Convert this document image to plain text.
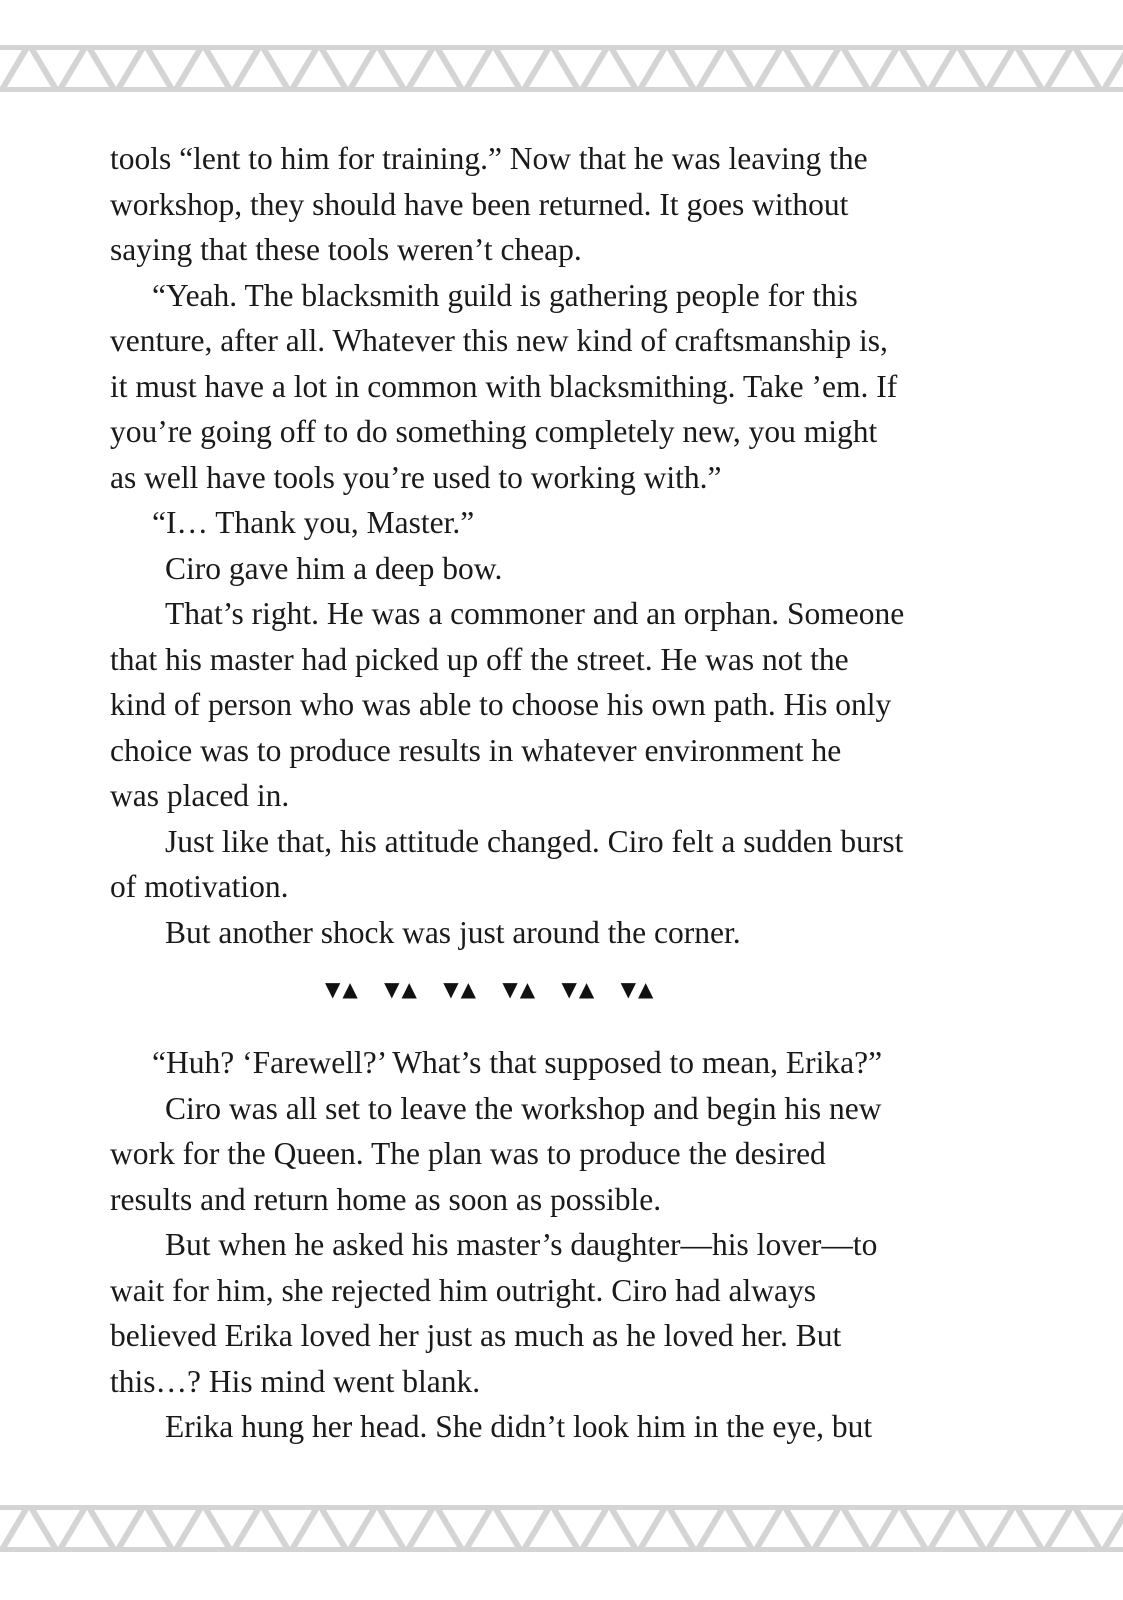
tools “lent to him for training.” Now that he was leaving the
workshop, they should have been returned. It goes without
saying that these tools weren’t cheap.
“Yeah. The blacksmith guild is gathering people for this
venture, after all. Whatever this new kind of craftsmanship is,
it must have a lot in common with blacksmithing. Take ’em. If
you’re going off to do something completely new, you might
as well have tools you’re used to working with.”
“I… Thank you, Master.”
Ciro gave him a deep bow.
That’s right. He was a commoner and an orphan. Someone
that his master had picked up off the street. He was not the
kind of person who was able to choose his own path. His only
choice was to produce results in whatever environment he
was placed in.
Just like that, his attitude changed. Ciro felt a sudden burst
of motivation.
But another shock was just around the corner.
▼▲ ▼▲ ▼▲ ▼▲ ▼▲ ▼▲
“Huh? ‘Farewell?’ What’s that supposed to mean, Erika?”
Ciro was all set to leave the workshop and begin his new
work for the Queen. The plan was to produce the desired
results and return home as soon as possible.
But when he asked his master’s daughter—his lover—to
wait for him, she rejected him outright. Ciro had always
believed Erika loved her just as much as he loved her. But
this…? His mind went blank.
Erika hung her head. She didn’t look him in the eye, but
